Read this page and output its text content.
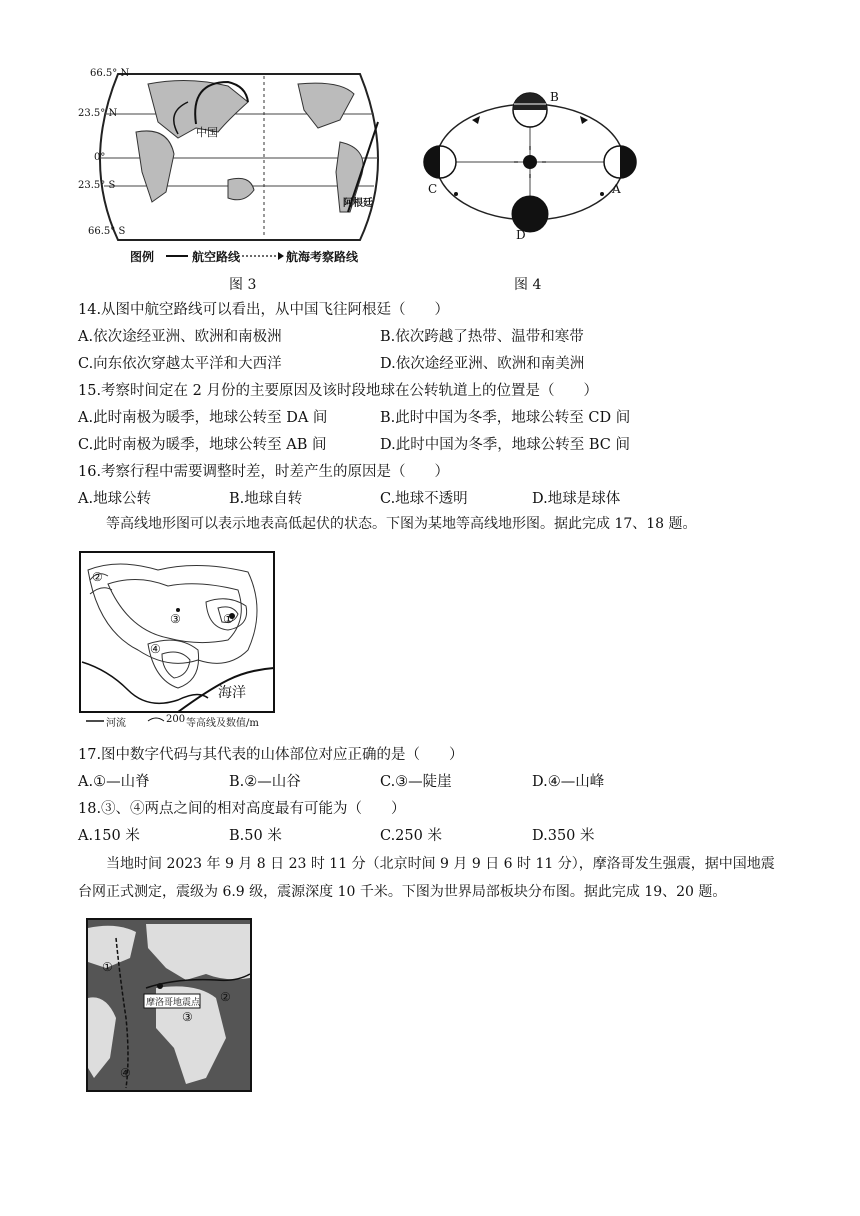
66.5° N
23.5° N
0°
23.5° S
66.5° S
中国
阿根廷
图例	航空路线	航海考察路线
图 3
B
A
C
D
图 4
14.从图中航空路线可以看出，从中国飞往阿根廷（　　）
A.依次途经亚洲、欧洲和南极洲	B.依次跨越了热带、温带和寒带
C.向东依次穿越太平洋和大西洋	D.依次途经亚洲、欧洲和南美洲
15.考察时间定在 2 月份的主要原因及该时段地球在公转轨道上的位置是（　　）
A.此时南极为暖季，地球公转至 DA 间	B.此时中国为冬季，地球公转至 CD 间
C.此时南极为暖季，地球公转至 AB 间	D.此时中国为冬季，地球公转至 BC 间
16.考察行程中需要调整时差，时差产生的原因是（　　）
A.地球公转	B.地球自转	C.地球不透明	D.地球是球体
等高线地形图可以表示地表高低起伏的状态。下图为某地等高线地形图。据此完成 17、18 题。
①
②
③
④
海洋
河流	200 等高线及数值/m
17.图中数字代码与其代表的山体部位对应正确的是（　　）
A.①—山脊	B.②—山谷	C.③—陡崖	D.④—山峰
18.③、④两点之间的相对高度最有可能为（　　）
A.150 米	B.50 米	C.250 米	D.350 米
当地时间 2023 年 9 月 8 日 23 时 11 分（北京时间 9 月 9 日 6 时 11 分），摩洛哥发生强震，据中国地震台网正式测定，震级为 6.9 级，震源深度 10 千米。下图为世界局部板块分布图。据此完成 19、20 题。
①
②
③
④
摩洛哥地震点
